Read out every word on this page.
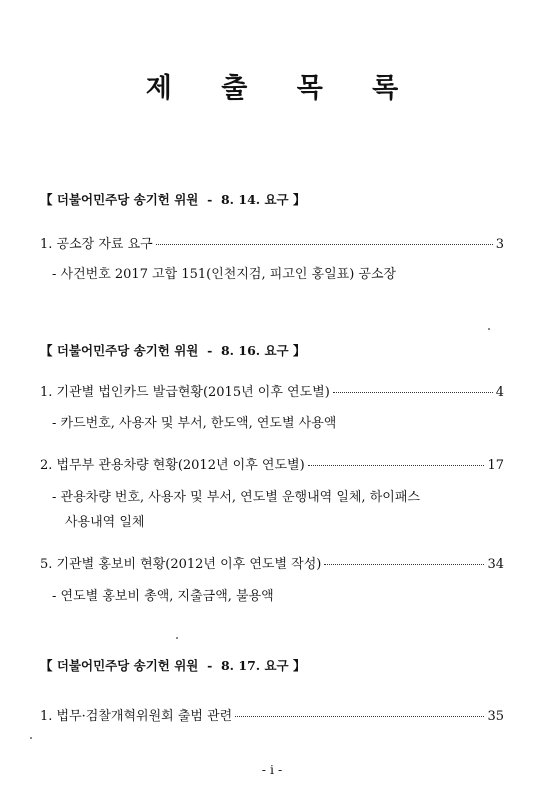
제 출 목 록

【 더불어민주당 송기헌 위원  -  8. 14. 요구 】

1. 공소장 자료 요구	3

- 사건번호 2017 고합 151(인천지검, 피고인 홍일표) 공소장

【 더불어민주당 송기헌 위원  -  8. 16. 요구 】

1. 기관별 법인카드 발급현황(2015년 이후 연도별)	4

- 카드번호, 사용자 및 부서, 한도액, 연도별 사용액

2. 법무부 관용차량 현황(2012년 이후 연도별)	17

- 관용차량 번호, 사용자 및 부서, 연도별 운행내역 일체, 하이패스
사용내역 일체

5. 기관별 홍보비 현황(2012년 이후 연도별 작성)	34

- 연도별 홍보비 총액, 지출금액, 불용액

【 더불어민주당 송기헌 위원  -  8. 17. 요구 】

1. 법무·검찰개혁위원회 출범 관련	35

- i -
